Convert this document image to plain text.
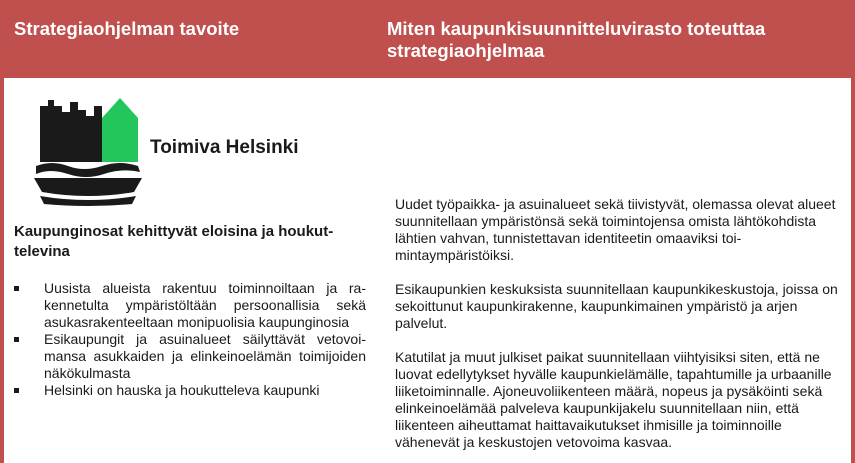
Strategiaohjelman tavoite	Miten kaupunkisuunnitteluvirasto toteuttaa strategiaohjelmaa
Toimiva Helsinki
Kaupunginosat kehittyvät eloisina ja houkuttelevina
Uusista alueista rakentuu toiminnoiltaan ja rakennetulta ympäristöltään persoonallisia sekä asukasrakenteeltaan monipuolisia kaupunginosia
Esikaupungit ja asuinalueet säilyttävät vetovoimansa asukkaiden ja elinkeinoelämän toimijoiden näkökulmasta
Helsinki on hauska ja houkutteleva kaupunki

Uudet työpaikka- ja asuinalueet sekä tiivistyvät, olemassa olevat alueet suunnitellaan ympäristönsä sekä toimintojensa omista lähtökohdista lähtien vahvan, tunnistettavan identiteetin omaaviksi toimintaympäristöiksi.

Esikaupunkien keskuksista suunnitellaan kaupunkikeskustoja, joissa on sekoittunut kaupunkirakenne, kaupunkimainen ympäristö ja arjen palvelut.

Katutilat ja muut julkiset paikat suunnitellaan viihtyisiksi siten, että ne luovat edellytykset hyvälle kaupunkielämälle, tapahtumille ja urbaanille liiketoiminnalle. Ajoneuvoliikenteen määrä, nopeus ja pysäköinti sekä elinkeinoelämää palveleva kaupunkijakelu suunnitellaan niin, että liikenteen aiheuttamat haittavaikutukset ihmisille ja toiminnoille vähenevät ja keskustojen vetovoima kasvaa.
